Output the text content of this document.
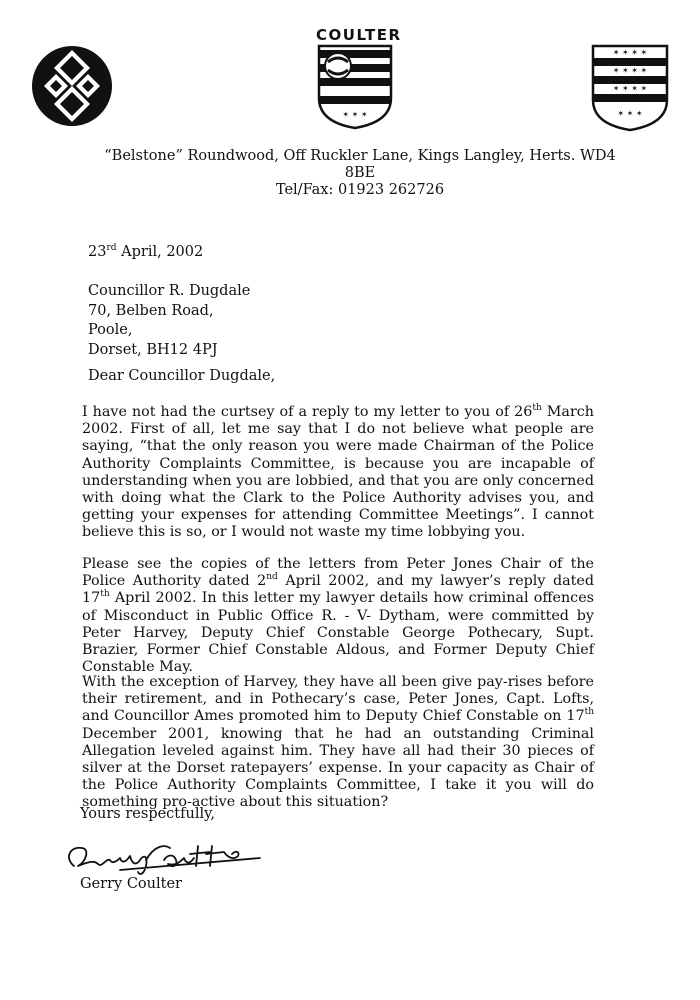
COULTER
✶ ✶ ✶
✶ ✶ ✶ ✶
✶ ✶ ✶ ✶
✶ ✶ ✶ ✶
✶ ✶ ✶ ✶
✶ ✶ ✶
“Belstone” Roundwood, Off Ruckler Lane, Kings Langley, Herts. WD4 8BE
Tel/Fax: 01923 262726
23rd April, 2002
Councillor R. Dugdale
70, Belben Road,
Poole,
Dorset, BH12 4PJ
Dear Councillor Dugdale,
I have not had the curtsey of a reply to my letter to you of 26th March 2002. First of all, let me say that I do not believe what people are saying, “that the only reason you were made Chairman of the Police Authority Complaints Committee, is because you are incapable of understanding when you are lobbied, and that you are only concerned with doing what the Clark to the Police Authority advises you, and getting your expenses for attending Committee Meetings”. I cannot believe this is so, or I would not waste my time lobbying you.
Please see the copies of the letters from Peter Jones Chair of the Police Authority dated 2nd April 2002, and my lawyer’s reply dated 17th April 2002. In this letter my lawyer details how criminal offences of Misconduct in Public Office R. - V- Dytham, were committed by Peter Harvey, Deputy Chief Constable George Pothecary, Supt. Brazier, Former Chief Constable Aldous, and Former Deputy Chief Constable May.
With the exception of Harvey, they have all been give pay-rises before their retirement, and in Pothecary’s case, Peter Jones, Capt. Lofts, and Councillor Ames promoted him to Deputy Chief Constable on 17th December 2001, knowing that he had an outstanding Criminal Allegation leveled against him. They have all had their 30 pieces of silver at the Dorset ratepayers’ expense. In your capacity as Chair of the Police Authority Complaints Committee, I take it you will do something pro-active about this situation?
Yours respectfully,
Gerry Coulter
